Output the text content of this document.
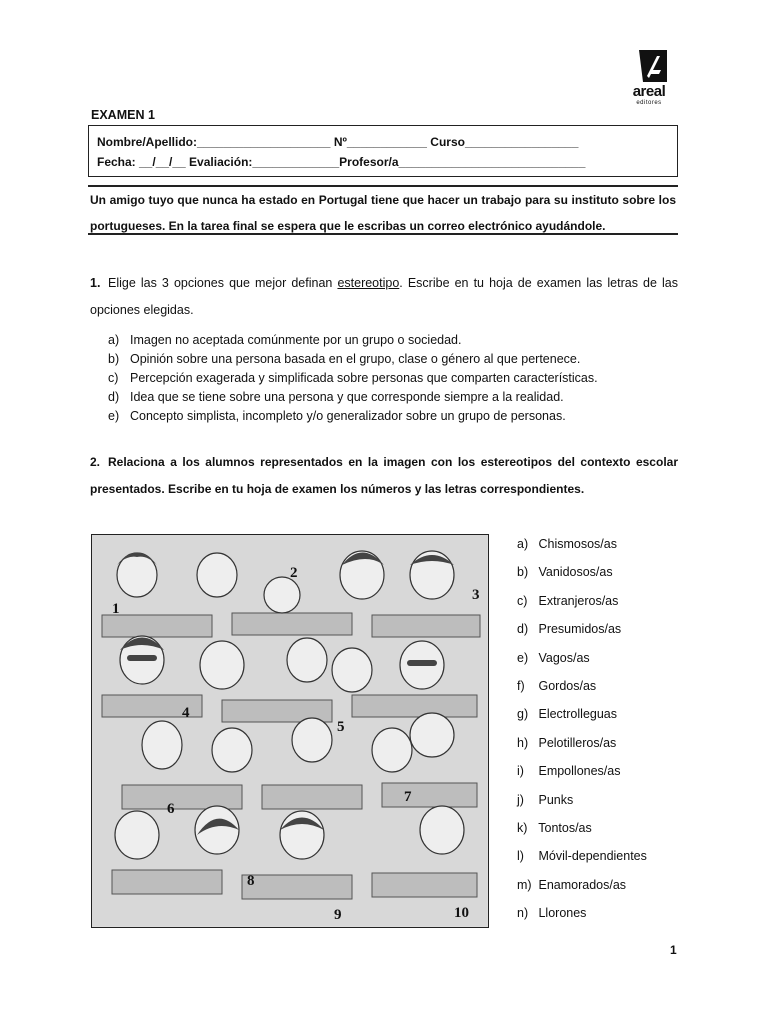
areal
editores
EXAMEN 1
Nombre/Apellido:____________________ Nº____________ Curso_________________
Fecha: __/__/__ Evaliación:_____________Profesor/a____________________________
Un amigo tuyo que nunca ha estado en Portugal tiene que hacer un trabajo para su instituto sobre los portugueses. En la tarea final se espera que le escribas un correo electrónico ayudándole.
1. Elige las 3 opciones que mejor definan estereotipo. Escribe en tu hoja de examen las letras de las opciones elegidas.
a) Imagen no aceptada comúnmente por un grupo o sociedad.
b) Opinión sobre una persona basada en el grupo, clase o género al que pertenece.
c) Percepción exagerada y simplificada sobre personas que comparten características.
d) Idea que se tiene sobre una persona y que corresponde siempre a la realidad.
e) Concepto simplista, incompleto y/o generalizador sobre un grupo de personas.
2. Relaciona a los alumnos representados en la imagen con los estereotipos del contexto escolar presentados. Escribe en tu hoja de examen los números y las letras correspondientes.
1
2
3
4
5
6
7
8
9	10
a) Chismosos/as
b) Vanidosos/as
c) Extranjeros/as
d) Presumidos/as
e) Vagos/as
f) Gordos/as
g) Electrolleguas
h) Pelotilleros/as
i) Empollones/as
j) Punks
k) Tontos/as
l) Móvil-dependientes
m) Enamorados/as
n) Llorones
1
